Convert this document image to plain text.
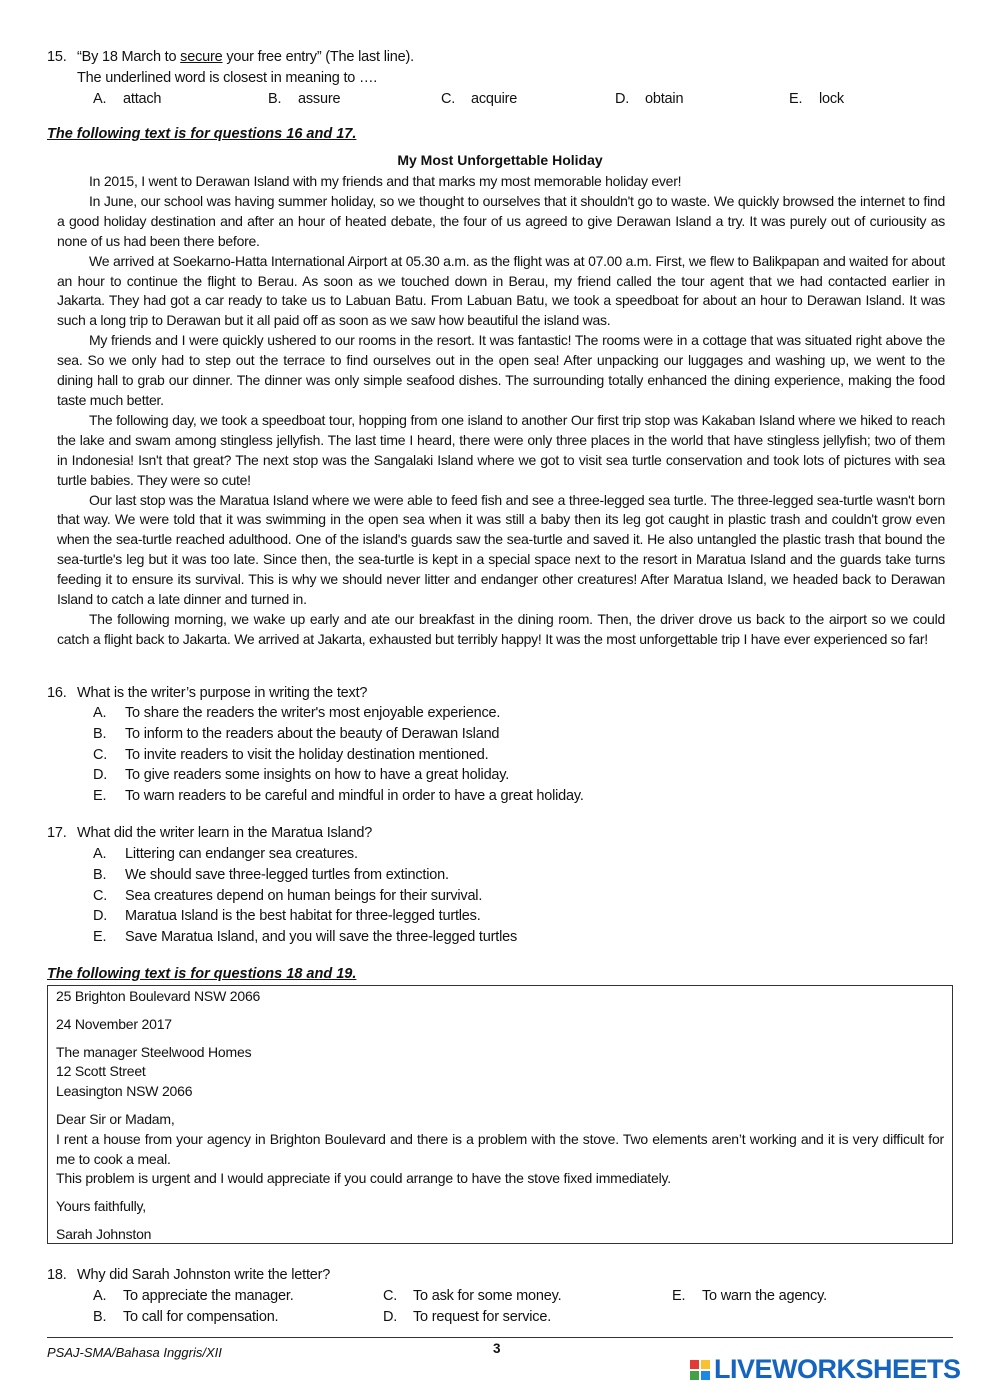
15. “By 18 March to secure your free entry” (The last line).
The underlined word is closest in meaning to ….
A. attach	B. assure	C. acquire	D. obtain	E. lock
The following text is for questions 16 and 17.
My Most Unforgettable Holiday

In 2015, I went to Derawan Island with my friends and that marks my most memorable holiday ever!

In June, our school was having summer holiday, so we thought to ourselves that it shouldn't go to waste. We quickly browsed the internet to find a good holiday destination and after an hour of heated debate, the four of us agreed to give Derawan Island a try. It was purely out of curiousity as none of us had been there before.

We arrived at Soekarno-Hatta International Airport at 05.30 a.m. as the flight was at 07.00 a.m. First, we flew to Balikpapan and waited for about an hour to continue the flight to Berau. As soon as we touched down in Berau, my friend called the tour agent that we had contacted earlier in Jakarta. They had got a car ready to take us to Labuan Batu. From Labuan Batu, we took a speedboat for about an hour to Derawan Island. It was such a long trip to Derawan but it all paid off as soon as we saw how beautiful the island was.

My friends and I were quickly ushered to our rooms in the resort. It was fantastic! The rooms were in a cottage that was situated right above the sea. So we only had to step out the terrace to find ourselves out in the open sea! After unpacking our luggages and washing up, we went to the dining hall to grab our dinner. The dinner was only simple seafood dishes. The surrounding totally enhanced the dining experience, making the food taste much better.

The following day, we took a speedboat tour, hopping from one island to another Our first trip stop was Kakaban Island where we hiked to reach the lake and swam among stingless jellyfish. The last time I heard, there were only three places in the world that have stingless jellyfish; two of them in Indonesia! Isn't that great? The next stop was the Sangalaki Island where we got to visit sea turtle conservation and took lots of pictures with sea turtle babies. They were so cute!

Our last stop was the Maratua Island where we were able to feed fish and see a three-legged sea turtle. The three-legged sea-turtle wasn't born that way. We were told that it was swimming in the open sea when it was still a baby then its leg got caught in plastic trash and couldn't grow even when the sea-turtle reached adulthood. One of the island's guards saw the sea-turtle and saved it. He also untangled the plastic trash that bound the sea-turtle's leg but it was too late. Since then, the sea-turtle is kept in a special space next to the resort in Maratua Island and the guards take turns feeding it to ensure its survival. This is why we should never litter and endanger other creatures! After Maratua Island, we headed back to Derawan Island to catch a late dinner and turned in.

The following morning, we wake up early and ate our breakfast in the dining room. Then, the driver drove us back to the airport so we could catch a flight back to Jakarta. We arrived at Jakarta, exhausted but terribly happy! It was the most unforgettable trip I have ever experienced so far!

16. What is the writer’s purpose in writing the text?
A. To share the readers the writer's most enjoyable experience.
B. To inform to the readers about the beauty of Derawan Island
C. To invite readers to visit the holiday destination mentioned.
D. To give readers some insights on how to have a great holiday.
E. To warn readers to be careful and mindful in order to have a great holiday.
17. What did the writer learn in the Maratua Island?
A. Littering can endanger sea creatures.
B. We should save three-legged turtles from extinction.
C. Sea creatures depend on human beings for their survival.
D. Maratua Island is the best habitat for three-legged turtles.
E. Save Maratua Island, and you will save the three-legged turtles
The following text is for questions 18 and 19.

25 Brighton Boulevard NSW 2066

24 November 2017

The manager Steelwood Homes

12 Scott Street

Leasington NSW 2066

Dear Sir or Madam,

I rent a house from your agency in Brighton Boulevard and there is a problem with the stove. Two elements aren’t working and it is very difficult for me to cook a meal.

This problem is urgent and I would appreciate if you could arrange to have the stove fixed immediately.

Yours faithfully,

Sarah Johnston

18. Why did Sarah Johnston write the letter?
A. To appreciate the manager.
B. To call for compensation.
C. To ask for some money.
D. To request for service.
E. To warn the agency.
PSAJ-SMA/Bahasa Inggris/XII	3
LIVEWORKSHEETS
